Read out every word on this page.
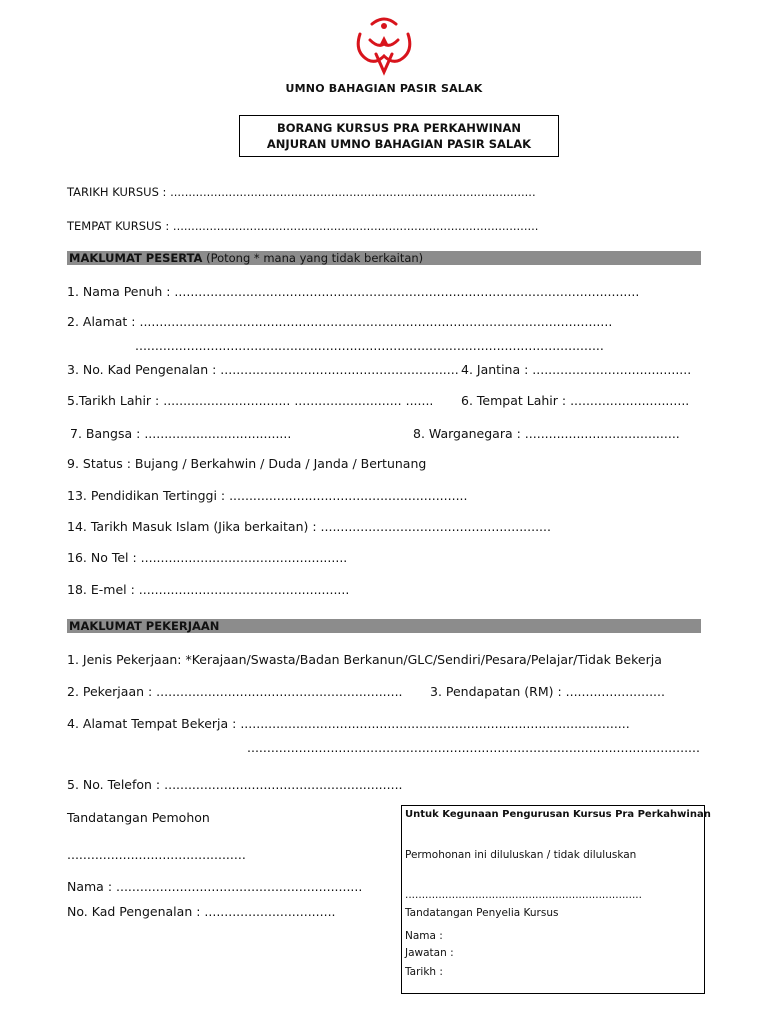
UMNO BAHAGIAN PASIR SALAK
BORANG KURSUS PRA PERKAHWINAN
ANJURAN UMNO BAHAGIAN PASIR SALAK
TARIKH KURSUS : ....................................................................................................
TEMPAT KURSUS : ....................................................................................................
MAKLUMAT PESERTA (Potong * mana yang tidak berkaitan)
1. Nama Penuh : .....................................................................................................................
2. Alamat : .......................................................................................................................
......................................................................................................................
3. No. Kad Pengenalan : ............................................................ 4. Jantina : ........................................
5.Tarikh Lahir : ................................ ........................... ....... 6. Tempat Lahir : ..............................
7. Bangsa : .....................................	8. Warganegara : .......................................
9. Status : Bujang / Berkahwin / Duda / Janda / Bertunang
13. Pendidikan Tertinggi : ............................................................
14. Tarikh Masuk Islam (Jika berkaitan) : ..........................................................
16. No Tel : ....................................................
18. E-mel : .....................................................
MAKLUMAT PEKERJAAN
1. Jenis Pekerjaan: *Kerajaan/Swasta/Badan Berkanun/GLC/Sendiri/Pesara/Pelajar/Tidak Bekerja
2. Pekerjaan : .............................................................. 3. Pendapatan (RM) : .........................
4. Alamat Tempat Bekerja : ..................................................................................................
..................................................................................................................
5. No. Telefon : ............................................................
Tandatangan Pemohon
.............................................
Nama : ..............................................................
No. Kad Pengenalan : .................................
Untuk Kegunaan Pengurusan Kursus Pra Perkahwinan
Permohonan ini diluluskan / tidak diluluskan
.......................................................................
Tandatangan Penyelia Kursus
Nama :
Jawatan :
Tarikh :
